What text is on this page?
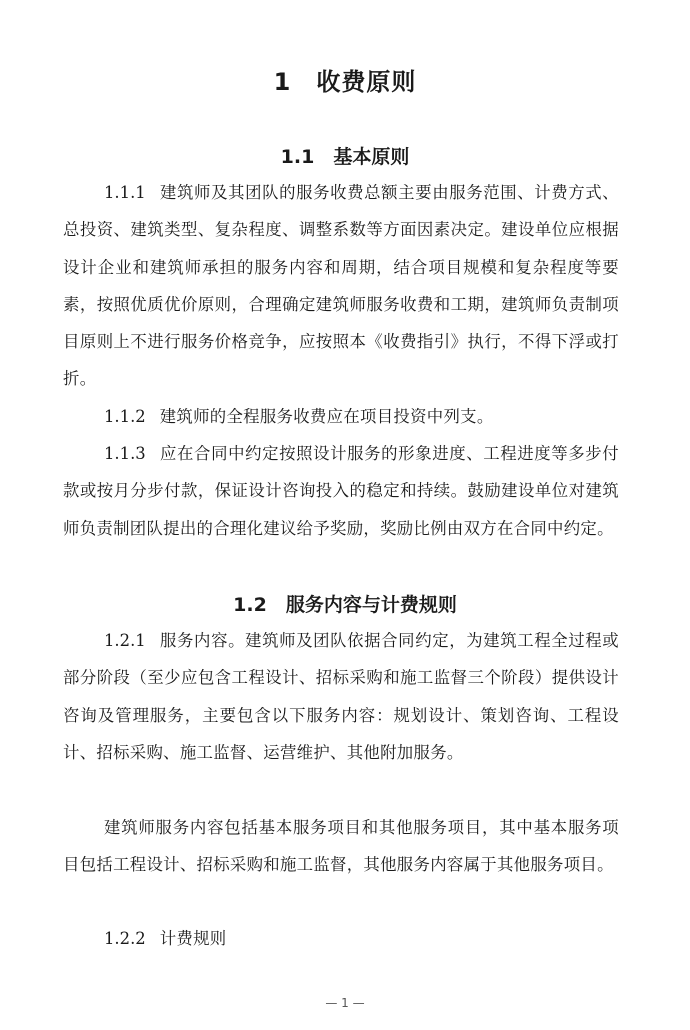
1　收费原则
1.1　基本原则
1.1.1 建筑师及其团队的服务收费总额主要由服务范围、计费方式、总投资、建筑类型、复杂程度、调整系数等方面因素决定。建设单位应根据设计企业和建筑师承担的服务内容和周期，结合项目规模和复杂程度等要素，按照优质优价原则，合理确定建筑师服务收费和工期，建筑师负责制项目原则上不进行服务价格竞争，应按照本《收费指引》执行，不得下浮或打折。
1.1.2 建筑师的全程服务收费应在项目投资中列支。
1.1.3 应在合同中约定按照设计服务的形象进度、工程进度等多步付款或按月分步付款，保证设计咨询投入的稳定和持续。鼓励建设单位对建筑师负责制团队提出的合理化建议给予奖励，奖励比例由双方在合同中约定。
1.2　服务内容与计费规则
1.2.1 服务内容。建筑师及团队依据合同约定，为建筑工程全过程或部分阶段（至少应包含工程设计、招标采购和施工监督三个阶段）提供设计咨询及管理服务，主要包含以下服务内容：规划设计、策划咨询、工程设计、招标采购、施工监督、运营维护、其他附加服务。
建筑师服务内容包括基本服务项目和其他服务项目，其中基本服务项目包括工程设计、招标采购和施工监督，其他服务内容属于其他服务项目。
1.2.2 计费规则
— 1 —
